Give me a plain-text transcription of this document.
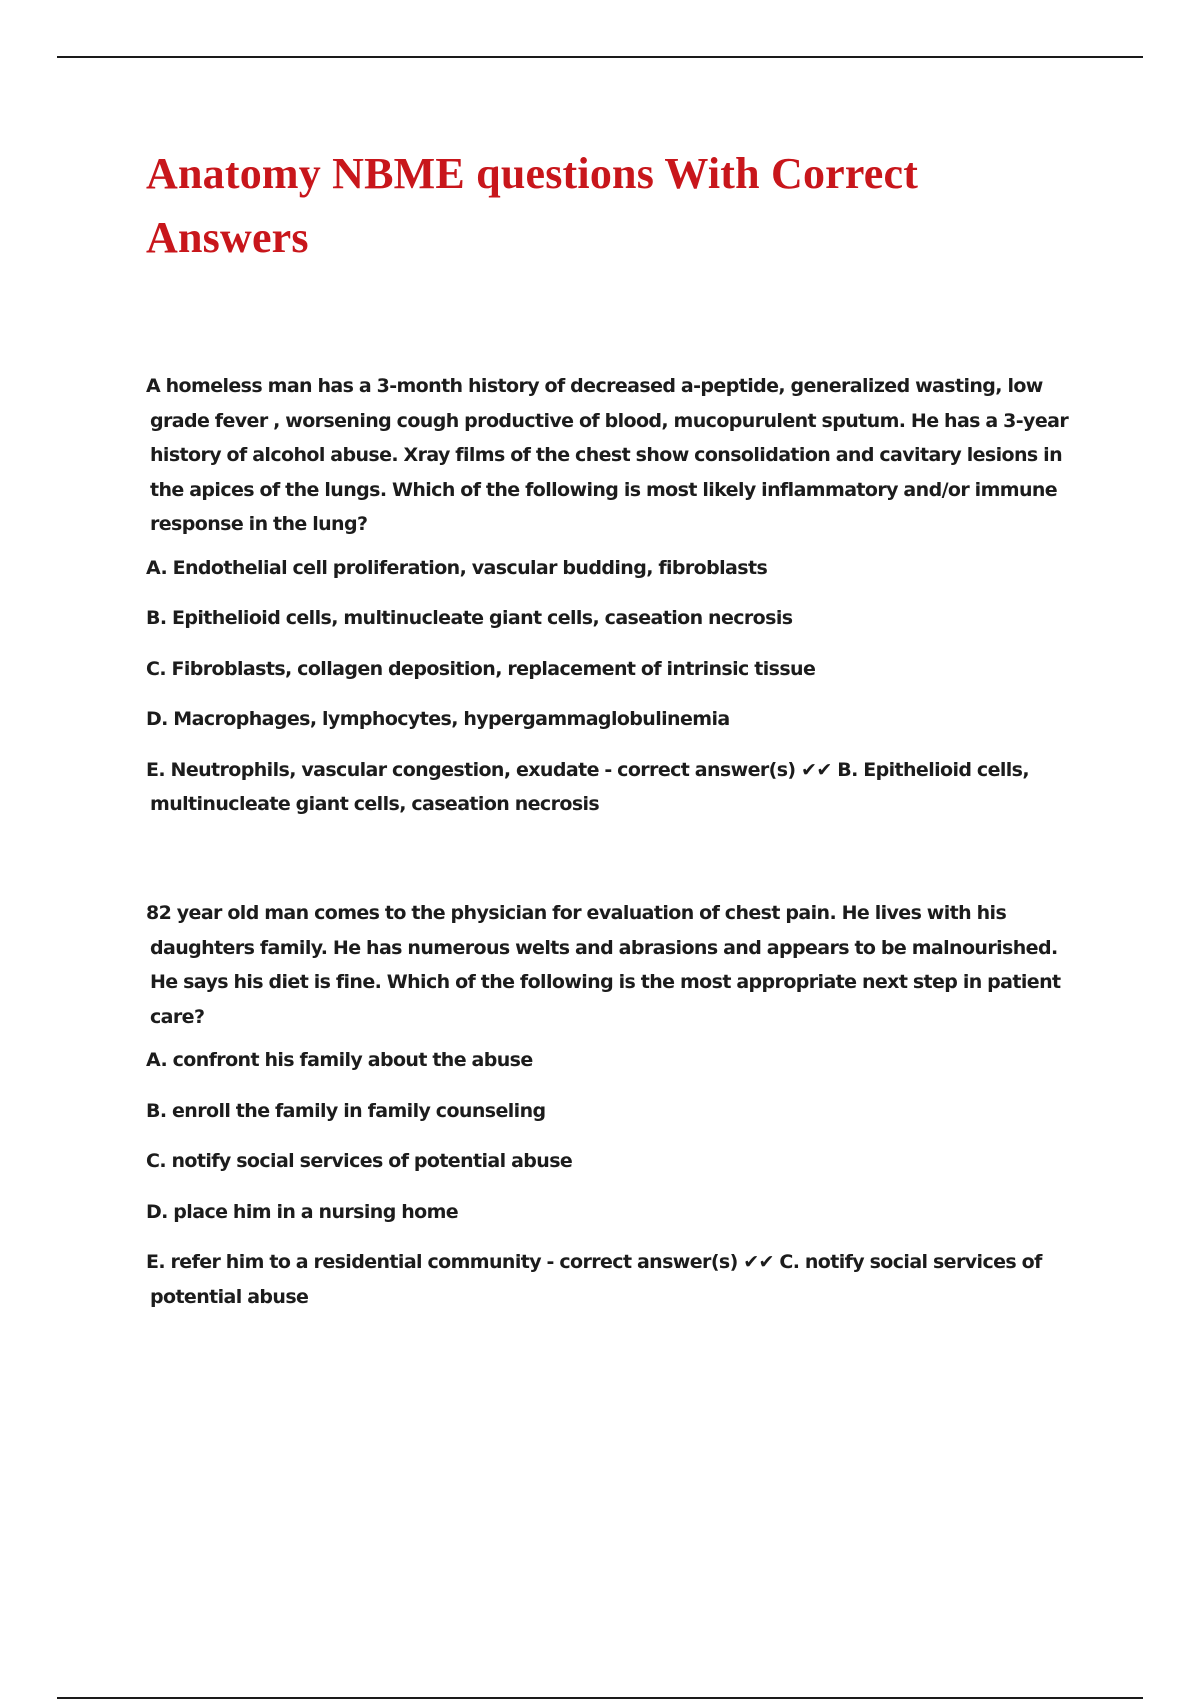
Anatomy NBME questions With Correct Answers

A homeless man has a 3-month history of decreased a-peptide, generalized wasting, low grade fever , worsening cough productive of blood, mucopurulent sputum. He has a 3-year history of alcohol abuse. Xray films of the chest show consolidation and cavitary lesions in the apices of the lungs. Which of the following is most likely inflammatory and/or immune response in the lung?

A. Endothelial cell proliferation, vascular budding, fibroblasts

B. Epithelioid cells, multinucleate giant cells, caseation necrosis

C. Fibroblasts, collagen deposition, replacement of intrinsic tissue

D. Macrophages, lymphocytes, hypergammaglobulinemia

E. Neutrophils, vascular congestion, exudate - correct answer(s) ✔✔ B. Epithelioid cells, multinucleate giant cells, caseation necrosis

82 year old man comes to the physician for evaluation of chest pain. He lives with his daughters family. He has numerous welts and abrasions and appears to be malnourished. He says his diet is fine. Which of the following is the most appropriate next step in patient care?

A. confront his family about the abuse

B. enroll the family in family counseling

C. notify social services of potential abuse

D. place him in a nursing home

E. refer him to a residential community - correct answer(s) ✔✔ C. notify social services of potential abuse
